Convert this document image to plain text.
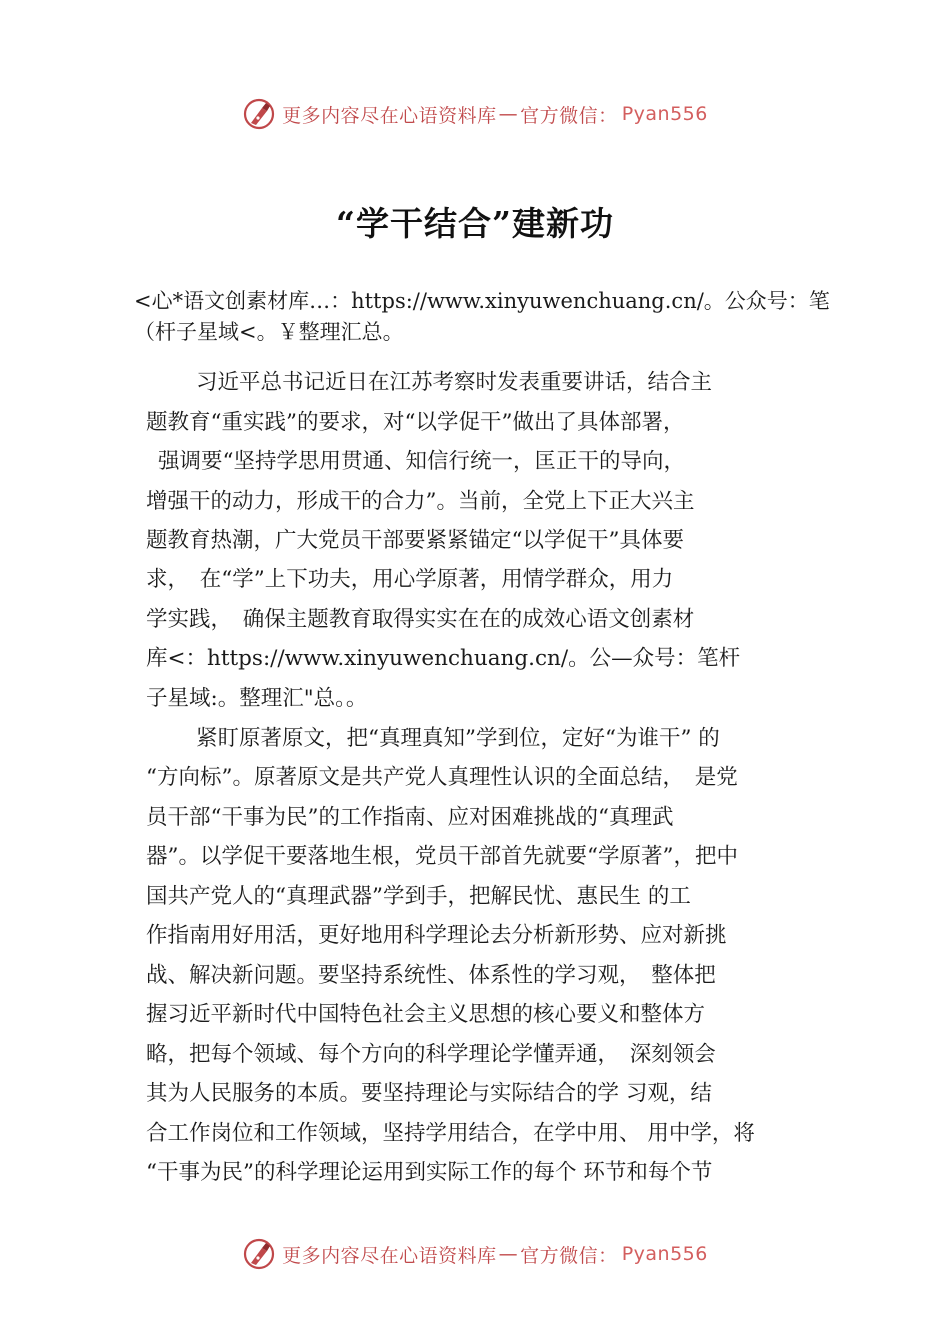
更多内容尽在心语资料库 — 官方微信： Pyan556
“学干结合”建新功
<心*语文创素材库…：https://www.xinyuwenchuang.cn/。公众号：笔（杆子星域<。￥整理汇总。
习近平总书记近日在江苏考察时发表重要讲话，结合主
题教育“重实践”的要求，对“以学促干”做出了具体部署，
强调要“坚持学思用贯通、知信行统一，匡正干的导向，
增强干的动力，形成干的合力”。当前，全党上下正大兴主
题教育热潮，广大党员干部要紧紧锚定“以学促干”具体要
求，　在“学”上下功夫，用心学原著，用情学群众，用力
学实践，　确保主题教育取得实实在在的成效心语文创素材
库<：https://www.xinyuwenchuang.cn/。公—众号：笔杆
子星域:。整理汇"总。。
紧盯原著原文，把“真理真知”学到位，定好“为谁干” 的
“方向标”。原著原文是共产党人真理性认识的全面总结，　是党
员干部“干事为民”的工作指南、应对困难挑战的“真理武
器”。以学促干要落地生根，党员干部首先就要“学原著”，把中
国共产党人的“真理武器”学到手，把解民忧、惠民生 的工
作指南用好用活，更好地用科学理论去分析新形势、应对新挑
战、解决新问题。要坚持系统性、体系性的学习观，　整体把
握习近平新时代中国特色社会主义思想的核心要义和整体方
略，把每个领域、每个方向的科学理论学懂弄通，　深刻领会
其为人民服务的本质。要坚持理论与实际结合的学 习观，结
合工作岗位和工作领域，坚持学用结合，在学中用、 用中学，将
“干事为民”的科学理论运用到实际工作的每个 环节和每个节
更多内容尽在心语资料库 — 官方微信： Pyan556
